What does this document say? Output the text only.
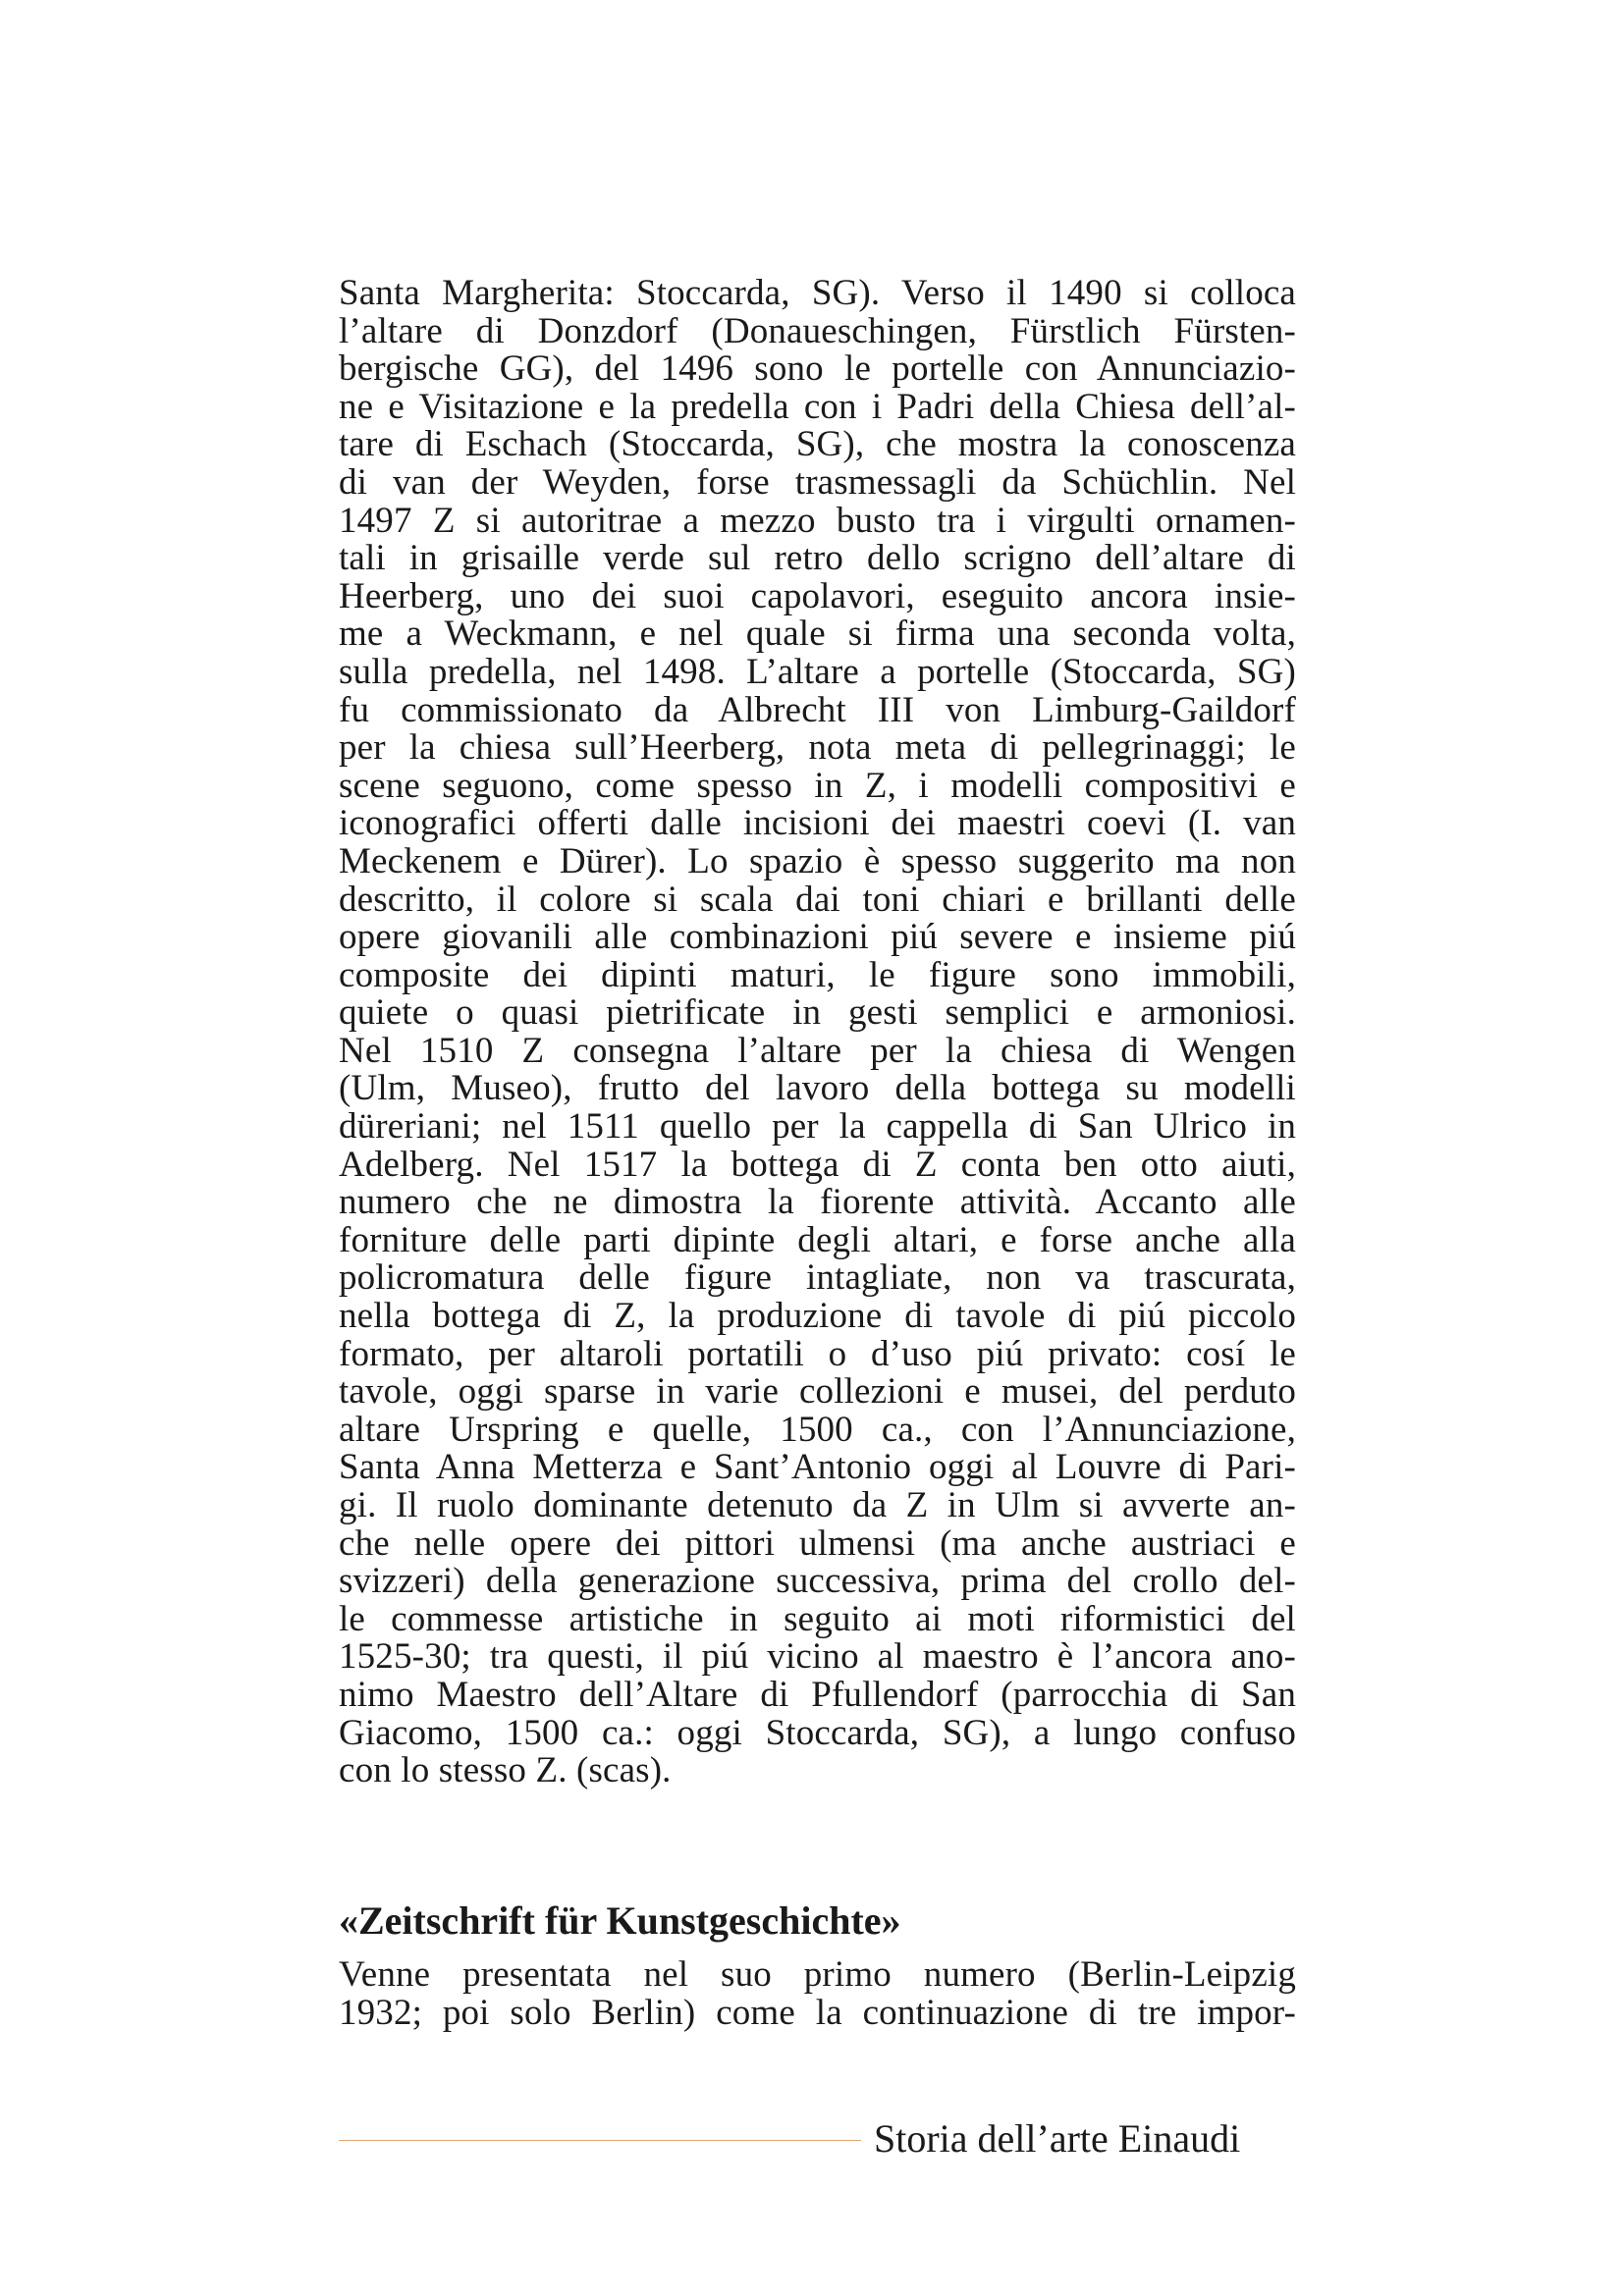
Santa Margherita: Stoccarda, SG). Verso il 1490 si colloca
l’altare di Donzdorf (Donaueschingen, Fürstlich Fürsten-
bergische GG), del 1496 sono le portelle con Annunciazio-
ne e Visitazione e la predella con i Padri della Chiesa dell’al-
tare di Eschach (Stoccarda, SG), che mostra la conoscenza
di van der Weyden, forse trasmessagli da Schüchlin. Nel
1497 Z si autoritrae a mezzo busto tra i virgulti ornamen-
tali in grisaille verde sul retro dello scrigno dell’altare di
Heerberg, uno dei suoi capolavori, eseguito ancora insie-
me a Weckmann, e nel quale si firma una seconda volta,
sulla predella, nel 1498. L’altare a portelle (Stoccarda, SG)
fu commissionato da Albrecht III von Limburg-Gaildorf
per la chiesa sull’Heerberg, nota meta di pellegrinaggi; le
scene seguono, come spesso in Z, i modelli compositivi e
iconografici offerti dalle incisioni dei maestri coevi (I. van
Meckenem e Dürer). Lo spazio è spesso suggerito ma non
descritto, il colore si scala dai toni chiari e brillanti delle
opere giovanili alle combinazioni piú severe e insieme piú
composite dei dipinti maturi, le figure sono immobili,
quiete o quasi pietrificate in gesti semplici e armoniosi.
Nel 1510 Z consegna l’altare per la chiesa di Wengen
(Ulm, Museo), frutto del lavoro della bottega su modelli
düreriani; nel 1511 quello per la cappella di San Ulrico in
Adelberg. Nel 1517 la bottega di Z conta ben otto aiuti,
numero che ne dimostra la fiorente attività. Accanto alle
forniture delle parti dipinte degli altari, e forse anche alla
policromatura delle figure intagliate, non va trascurata,
nella bottega di Z, la produzione di tavole di piú piccolo
formato, per altaroli portatili o d’uso piú privato: cosí le
tavole, oggi sparse in varie collezioni e musei, del perduto
altare Urspring e quelle, 1500 ca., con l’Annunciazione,
Santa Anna Metterza e Sant’Antonio oggi al Louvre di Pari-
gi. Il ruolo dominante detenuto da Z in Ulm si avverte an-
che nelle opere dei pittori ulmensi (ma anche austriaci e
svizzeri) della generazione successiva, prima del crollo del-
le commesse artistiche in seguito ai moti riformistici del
1525-30; tra questi, il piú vicino al maestro è l’ancora ano-
nimo Maestro dell’Altare di Pfullendorf (parrocchia di San
Giacomo, 1500 ca.: oggi Stoccarda, SG), a lungo confuso
con lo stesso Z. (scas).
«Zeitschrift für Kunstgeschichte»
Venne presentata nel suo primo numero (Berlin-Leipzig
1932; poi solo Berlin) come la continuazione di tre impor-
Storia dell’arte Einaudi
